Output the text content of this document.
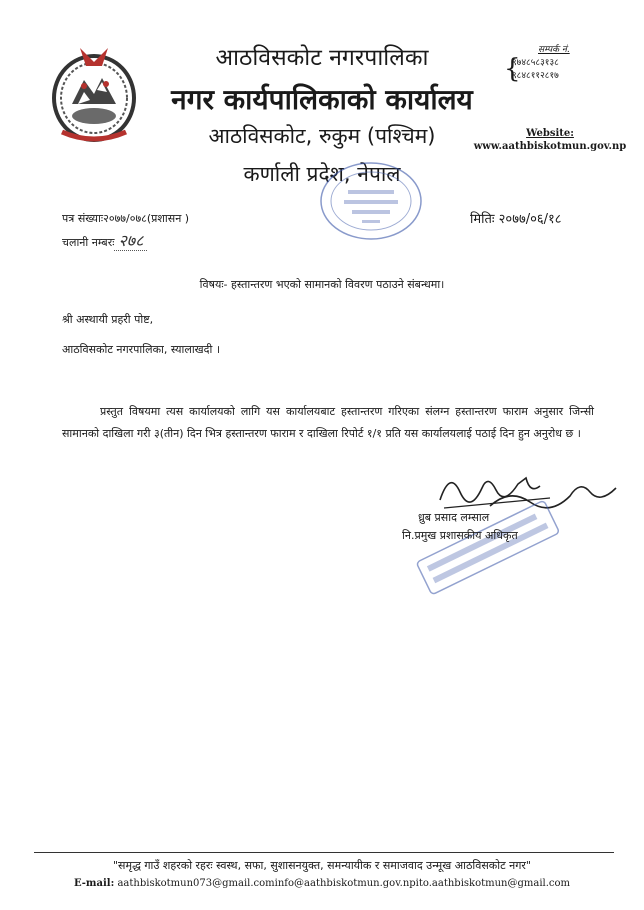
आठविसकोट नगरपालिका
नगर कार्यपालिकाको कार्यालय
आठविसकोट, रुकुम (पश्चिम)
कर्णाली प्रदेश, नेपाल
सम्पर्क नं.
{
९७४८५८३१३८
९८४८११२८१७
Website:
www.aathbiskotmun.gov.np
पत्र संख्याः२०७७/०७८(प्रशासन )
चलानी नम्बरः २७८
मितिः २०७७/०६/१८
विषयः- हस्तान्तरण भएको सामानको विवरण पठाउने संबन्धमा।
श्री अस्थायी प्रहरी पोष्ट,
आठविसकोट नगरपालिका, स्यालाखदी ।
प्रस्तुत विषयमा त्यस कार्यालयको लागि यस कार्यालयबाट हस्तान्तरण गरिएका संलग्न हस्तान्तरण फाराम अनुसार जिन्सी सामानको दाखिला गरी ३(तीन) दिन भित्र हस्तान्तरण फाराम र दाखिला रिपोर्ट १/१ प्रति यस कार्यालयलाई पठाई दिन हुन अनुरोध छ ।
ध्रुब प्रसाद लम्साल
नि.प्रमुख प्रशासकीय अधिकृत
"समृद्ध गाउँ शहरको रहरः स्वस्थ, सफा, सुशासनयुक्त, समन्यायीक र समाजवाद उन्मूख आठविसकोट नगर"
E-mail: aathbiskotmun073@gmail.cominfo@aathbiskotmun.gov.npito.aathbiskotmun@gmail.com
